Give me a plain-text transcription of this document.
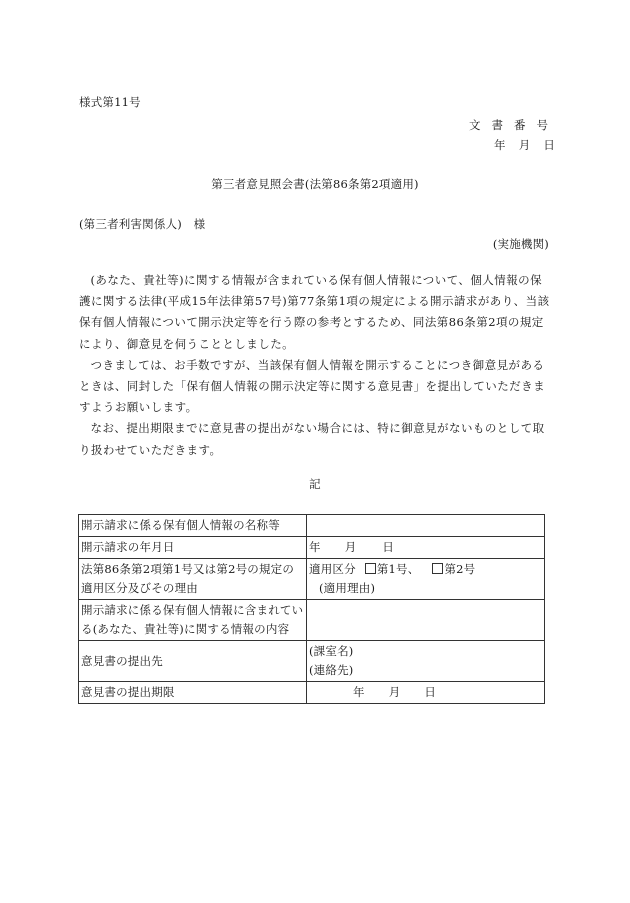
様式第11号
文 書 番 号
年 月 日
第三者意見照会書(法第86条第2項適用)
(第三者利害関係人)　様
(実施機関)

(あなた、貴社等)に関する情報が含まれている保有個人情報について、個人情報の保護に関する法律(平成15年法律第57号)第77条第1項の規定による開示請求があり、当該保有個人情報について開示決定等を行う際の参考とするため、同法第86条第2項の規定により、御意見を伺うこととしました。

つきましては、お手数ですが、当該保有個人情報を開示することにつき御意見があるときは、同封した「保有個人情報の開示決定等に関する意見書」を提出していただきますようお願いします。

なお、提出期限までに意見書の提出がない場合には、特に御意見がないものとして取り扱わせていただきます。

記
開示請求に係る保有個人情報の名称等	
開示請求の年月日	年 月 日
法第86条第2項第1号又は第2号の規定の適用区分及びその理由	適用区分 第1号、 第2号
(適用理由)

開示請求に係る保有個人情報に含まれている(あなた、貴社等)に関する情報の内容	
意見書の提出先	(課室名)
(連絡先)

意見書の提出期限	年 月 日
